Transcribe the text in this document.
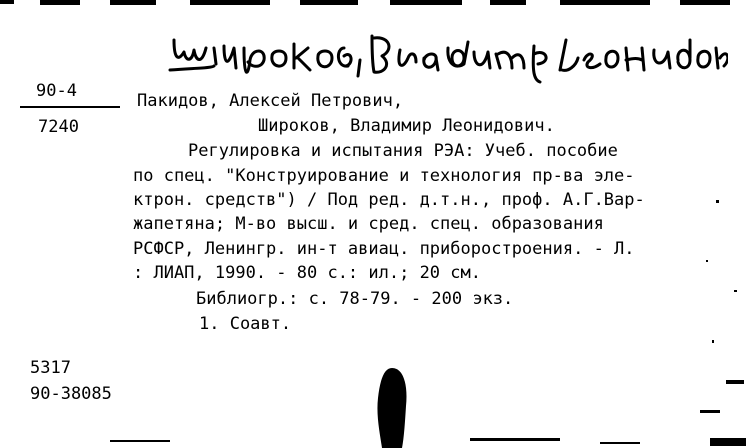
90-4
7240
Пакидов, Алексей Петрович,
Широков, Владимир Леонидович.
Регулировка и испытания РЭА: Учеб. пособие
по спец. "Конструирование и технология пр-ва эле-
ктрон. средств") / Под ред. д.т.н., проф. А.Г.Вар-
жапетяна; М-во высш. и сред. спец. образования
РСФСР, Ленингр. ин-т авиац. приборостроения. - Л.
: ЛИАП, 1990. - 80 с.: ил.; 20 см.
Библиогр.: с. 78-79. - 200 экз.
1. Соавт.
5317
90-38085
